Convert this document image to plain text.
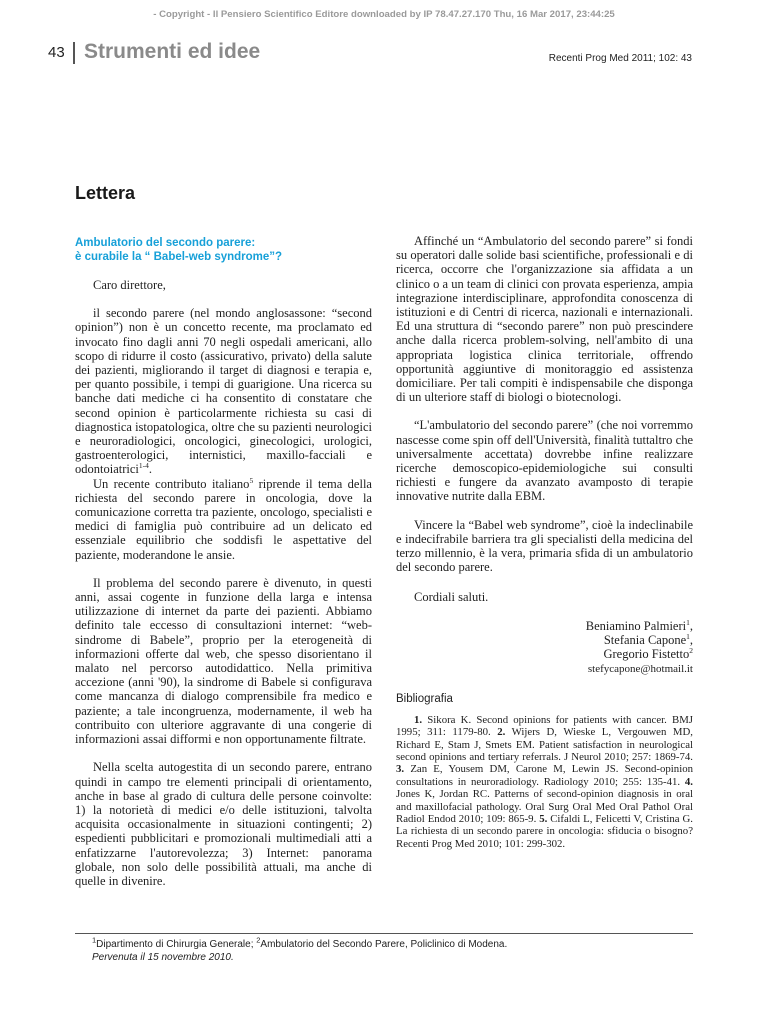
- Copyright - Il Pensiero Scientifico Editore downloaded by IP 78.47.27.170 Thu, 16 Mar 2017, 23:44:25
43 Strumenti ed idee	Recenti Prog Med 2011; 102: 43
Lettera
Ambulatorio del secondo parere:
è curabile la “ Babel-web syndrome”?

Caro direttore,

il secondo parere (nel mondo anglosassone: “second opinion”) non è un concetto recente, ma proclamato ed invocato fino dagli anni 70 negli ospedali americani, allo scopo di ridurre il costo (assicurativo, privato) della salute dei pazienti, migliorando il target di diagnosi e terapia e, per quanto possibile, i tempi di guarigione. Una ricerca su banche dati mediche ci ha consentito di constatare che second opinion è particolarmente richiesta su casi di diagnostica istopatologica, oltre che su pazienti neurologici e neuroradiologici, oncologici, ginecologici, urologici, gastroenterologici, internistici, maxillo-facciali e odontoiatrici$^{1-4}$.

Un recente contributo italiano$^5$ riprende il tema della richiesta del secondo parere in oncologia, dove la comunicazione corretta tra paziente, oncologo, specialisti e medici di famiglia può contribuire ad un delicato ed essenziale equilibrio che soddisfi le aspettative del paziente, moderandone le ansie.

Il problema del secondo parere è divenuto, in questi anni, assai cogente in funzione della larga e intensa utilizzazione di internet da parte dei pazienti. Abbiamo definito tale eccesso di consultazioni internet: “web-sindrome di Babele”, proprio per la eterogeneità di informazioni offerte dal web, che spesso disorientano il malato nel percorso autodidattico. Nella primitiva accezione (anni '90), la sindrome di Babele si configurava come mancanza di dialogo comprensibile fra medico e paziente; a tale incongruenza, modernamente, il web ha contribuito con ulteriore aggravante di una congerie di informazioni assai difformi e non opportunamente filtrate.

Nella scelta autogestita di un secondo parere, entrano quindi in campo tre elementi principali di orientamento, anche in base al grado di cultura delle persone coinvolte: 1) la notorietà di medici e/o delle istituzioni, talvolta acquisita occasionalmente in situazioni contingenti; 2) espedienti pubblicitari e promozionali multimediali atti a enfatizzarne l'autorevolezza; 3) Internet: panorama globale, non solo delle possibilità attuali, ma anche di quelle in divenire.

Affinché un “Ambulatorio del secondo parere” si fondi su operatori dalle solide basi scientifiche, professionali e di ricerca, occorre che l'organizzazione sia affidata a un clinico o a un team di clinici con provata esperienza, ampia integrazione interdisciplinare, approfondita conoscenza di istituzioni e di Centri di ricerca, nazionali e internazionali. Ed una struttura di “secondo parere” non può prescindere anche dalla ricerca problem-solving, nell'ambito di una appropriata logistica clinica territoriale, offrendo opportunità aggiuntive di monitoraggio ed assistenza domiciliare. Per tali compiti è indispensabile che disponga di un ulteriore staff di biologi o biotecnologi.

“L'ambulatorio del secondo parere” (che noi vorremmo nascesse come spin off dell'Università, finalità tuttaltro che universalmente accettata) dovrebbe infine realizzare ricerche demoscopico-epidemiologiche sui consulti richiesti e fungere da avanzato avamposto di terapie innovative nutrite dalla EBM.

Vincere la “Babel web syndrome”, cioè la indeclinabile e indecifrabile barriera tra gli specialisti della medicina del terzo millennio, è la vera, primaria sfida di un ambulatorio del secondo parere.

Cordiali saluti.

Beniamino Palmieri$^1$,

Stefania Capone$^1$,

Gregorio Fistetto$^2$

stefycapone@hotmail.it

Bibliografia

1. Sikora K. Second opinions for patients with cancer. BMJ 1995; 311: 1179-80. 2. Wijers D, Wieske L, Vergouwen MD, Richard E, Stam J, Smets EM. Patient satisfaction in neurological second opinions and tertiary referrals. J Neurol 2010; 257: 1869-74. 3. Zan E, Yousem DM, Carone M, Lewin JS. Second-opinion consultations in neuroradiology. Radiology 2010; 255: 135-41. 4. Jones K, Jordan RC. Patterns of second-opinion diagnosis in oral and maxillofacial pathology. Oral Surg Oral Med Oral Pathol Oral Radiol Endod 2010; 109: 865-9. 5. Cifaldi L, Felicetti V, Cristina G. La richiesta di un secondo parere in oncologia: sfiducia o bisogno? Recenti Prog Med 2010; 101: 299-302.

$^1$Dipartimento di Chirurgia Generale; $^2$Ambulatorio del Secondo Parere, Policlinico di Modena.
Pervenuta il 15 novembre 2010.
